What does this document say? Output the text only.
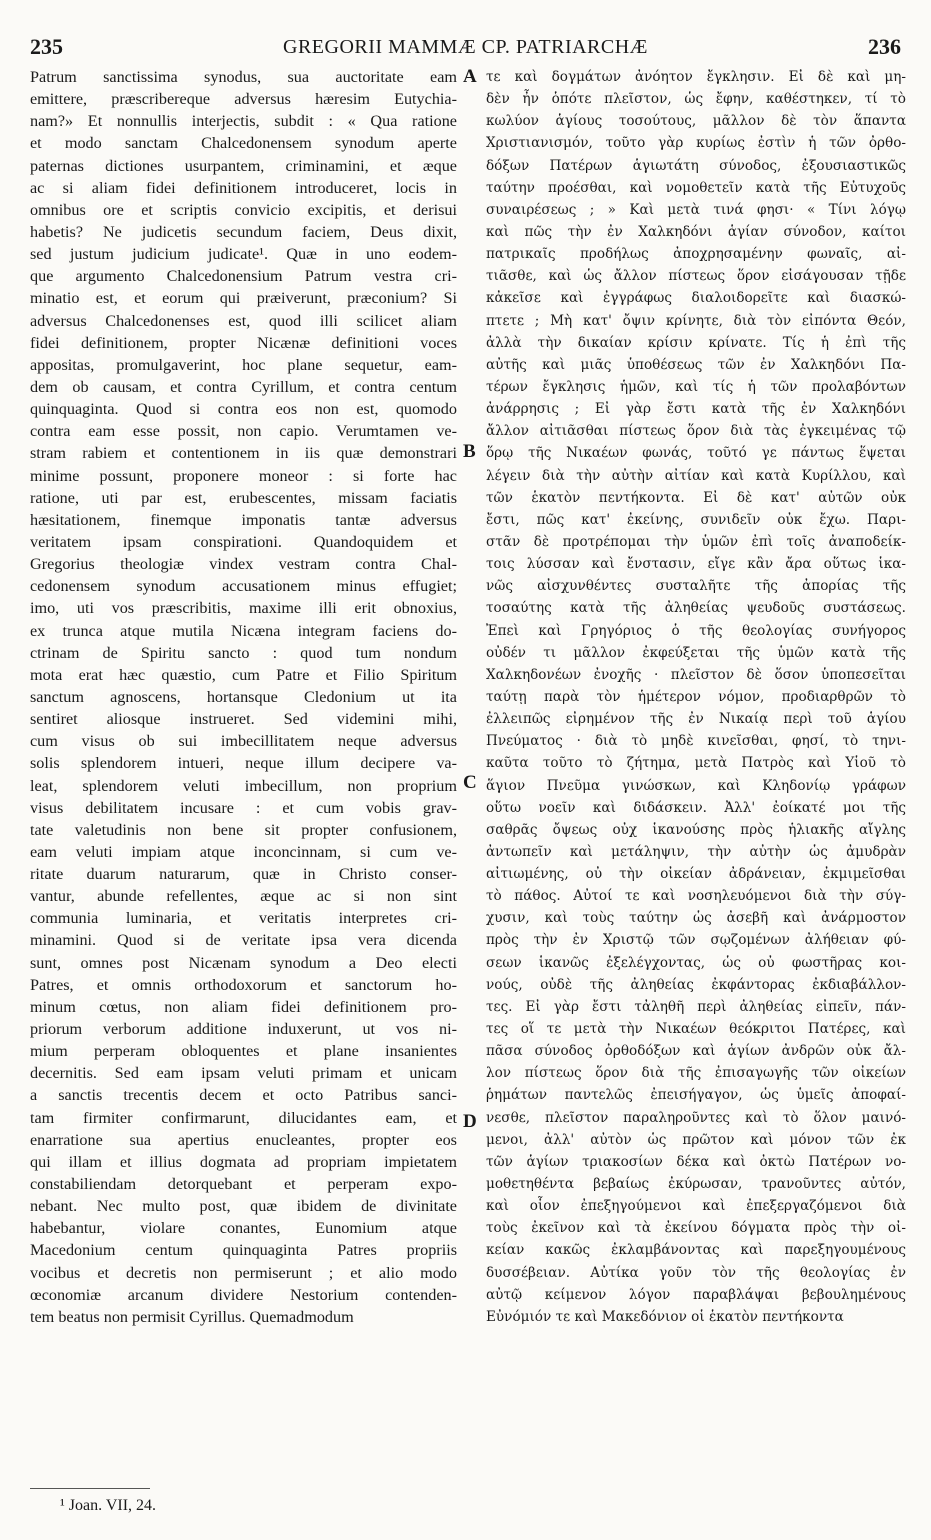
235	GREGORII MAMMÆ CP. PATRIARCHÆ	236
Patrum sanctissima synodus, sua auctoritate eam
emittere, præscribereque adversus hæresim Eutychia-
nam?» Et nonnullis interjectis, subdit : « Qua ratione
et modo sanctam Chalcedonensem synodum aperte
paternas dictiones usurpantem, criminamini, et æque
ac si aliam fidei definitionem introduceret, locis in
omnibus ore et scriptis convicio excipitis, et derisui
habetis? Ne judicetis secundum faciem, Deus dixit,
sed justum judicium judicate¹. Quæ in uno eodem-
que argumento Chalcedonensium Patrum vestra cri-
minatio est, et eorum qui præiverunt, præconium? Si
adversus Chalcedonenses est, quod illi scilicet aliam
fidei definitionem, propter Nicænæ definitioni voces
appositas, promulgaverint, hoc plane sequetur, eam-
dem ob causam, et contra Cyrillum, et contra centum
quinquaginta. Quod si contra eos non est, quomodo
contra eam esse possit, non capio. Verumtamen ve-
stram rabiem et contentionem in iis quæ demonstrari
minime possunt, proponere moneor : si forte hac
ratione, uti par est, erubescentes, missam faciatis
hæsitationem, finemque imponatis tantæ adversus
veritatem ipsam conspirationi. Quandoquidem et
Gregorius theologiæ vindex vestram contra Chal-
cedonensem synodum accusationem minus effugiet;
imo, uti vos præscribitis, maxime illi erit obnoxius,
ex trunca atque mutila Nicæna integram faciens do-
ctrinam de Spiritu sancto : quod tum nondum
mota erat hæc quæstio, cum Patre et Filio Spiritum
sanctum agnoscens, hortansque Cledonium ut ita
sentiret aliosque instrueret. Sed videmini mihi,
cum visus ob sui imbecillitatem neque adversus
solis splendorem intueri, neque illum decipere va-
leat, splendorem veluti imbecillum, non proprium
visus debilitatem incusare : et cum vobis grav-
tate valetudinis non bene sit propter confusionem,
eam veluti impiam atque inconcinnam, si cum ve-
ritate duarum naturarum, quæ in Christo conser-
vantur, abunde refellentes, æque ac si non sint
communia luminaria, et veritatis interpretes cri-
minamini. Quod si de veritate ipsa vera dicenda
sunt, omnes post Nicænam synodum a Deo electi
Patres, et omnis orthodoxorum et sanctorum ho-
minum cœtus, non aliam fidei definitionem pro-
priorum verborum additione induxerunt, ut vos ni-
mium perperam obloquentes et plane insanientes
decernitis. Sed eam ipsam veluti primam et unicam
a sanctis trecentis decem et octo Patribus sanci-
tam firmiter confirmarunt, dilucidantes eam, et
enarratione sua apertius enucleantes, propter eos
qui illam et illius dogmata ad propriam impietatem
constabiliendam detorquebant et perperam expo-
nebant. Nec multo post, quæ ibidem de divinitate
habebantur, violare conantes, Eunomium atque
Macedonium centum quinquaginta Patres propriis
vocibus et decretis non permiserunt ; et alio modo
œconomiæ arcanum dividere Nestorium contenden-
tem beatus non permisit Cyrillus. Quemadmodum
A
B
C
D
τε καὶ δογμάτων ἀνόητον ἔγκλησιν. Εἰ δὲ καὶ μη-
δὲν ἦν ὁπότε πλεῖστον, ὡς ἔφην, καθέστηκεν, τί τὸ
κωλύον ἁγίους τοσούτους, μᾶλλον δὲ τὸν ἅπαντα
Χριστιανισμόν, τοῦτο γὰρ κυρίως ἐστὶν ἡ τῶν ὀρθο-
δόξων Πατέρων ἁγιωτάτη σύνοδος, ἐξουσιαστικῶς
ταύτην προέσθαι, καὶ νομοθετεῖν κατὰ τῆς Εὐτυχοῦς
συναιρέσεως ; » Καὶ μετὰ τινά φησι· « Τίνι λόγῳ
καὶ πῶς τὴν ἐν Χαλκηδόνι ἁγίαν σύνοδον, καίτοι
πατρικαῖς προδήλως ἀποχρησαμένην φωναῖς, αἰ-
τιᾶσθε, καὶ ὡς ἄλλον πίστεως ὅρον εἰσάγουσαν τῇδε
κἀκεῖσε καὶ ἐγγράφως διαλοιδορεῖτε καὶ διασκώ-
πτετε ; Μὴ κατ' ὄψιν κρίνητε, διὰ τὸν εἰπόντα Θεόν,
ἀλλὰ τὴν δικαίαν κρίσιν κρίνατε. Τίς ἡ ἐπὶ τῆς
αὐτῆς καὶ μιᾶς ὑποθέσεως τῶν ἐν Χαλκηδόνι Πα-
τέρων ἔγκλησις ἡμῶν, καὶ τίς ἡ τῶν προλαβόντων
ἀνάρρησις ; Εἰ γὰρ ἔστι κατὰ τῆς ἐν Χαλκηδόνι
ἄλλον αἰτιᾶσθαι πίστεως ὅρον διὰ τὰς ἐγκειμένας τῷ
ὅρῳ τῆς Νικαέων φωνάς, τοῦτό γε πάντως ἕψεται
λέγειν διὰ τὴν αὐτὴν αἰτίαν καὶ κατὰ Κυρίλλου, καὶ
τῶν ἑκατὸν πεντήκοντα. Εἰ δὲ κατ' αὐτῶν οὐκ
ἔστι, πῶς κατ' ἐκείνης, συνιδεῖν οὐκ ἔχω. Παρι-
στᾶν δὲ προτρέπομαι τὴν ὑμῶν ἐπὶ τοῖς ἀναποδείκ-
τοις λύσσαν καὶ ἔνστασιν, εἴγε κἂν ἄρα οὕτως ἱκα-
νῶς αἰσχυνθέντες συσταλῆτε τῆς ἀπορίας τῆς
τοσαύτης κατὰ τῆς ἀληθείας ψευδοῦς συστάσεως.
Ἐπεὶ καὶ Γρηγόριος ὁ τῆς θεολογίας συνήγορος
οὐδέν τι μᾶλλον ἐκφεύξεται τῆς ὑμῶν κατὰ τῆς
Χαλκηδονέων ἐνοχῆς · πλεῖστον δὲ ὅσον ὑποπεσεῖται
ταύτῃ παρὰ τὸν ἡμέτερον νόμον, προδιαρθρῶν τὸ
ἐλλειπῶς εἰρημένον τῆς ἐν Νικαίᾳ περὶ τοῦ ἁγίου
Πνεύματος · διὰ τὸ μηδὲ κινεῖσθαι, φησί, τὸ τηνι-
καῦτα τοῦτο τὸ ζήτημα, μετὰ Πατρὸς καὶ Υἱοῦ τὸ
ἅγιον Πνεῦμα γινώσκων, καὶ Κληδονίῳ γράφων
οὕτω νοεῖν καὶ διδάσκειν. Ἀλλ' ἐοίκατέ μοι τῆς
σαθρᾶς ὄψεως οὐχ ἱκανούσης πρὸς ἡλιακῆς αἴγλης
ἀντωπεῖν καὶ μετάληψιν, τὴν αὐτὴν ὡς ἀμυδρὰν
αἰτιωμένης, οὐ τὴν οἰκείαν ἀδράνειαν, ἐκμιμεῖσθαι
τὸ πάθος. Αὐτοί τε καὶ νοσηλευόμενοι διὰ τὴν σύγ-
χυσιν, καὶ τοὺς ταύτην ὡς ἀσεβῆ καὶ ἀνάρμοστον
πρὸς τὴν ἐν Χριστῷ τῶν σῳζομένων ἀλήθειαν φύ-
σεων ἱκανῶς ἐξελέγχοντας, ὡς οὐ φωστῆρας κοι-
νούς, οὐδὲ τῆς ἀληθείας ἐκφάντορας ἐκδιαβάλλον-
τες. Εἰ γὰρ ἔστι τἀληθῆ περὶ ἀληθείας εἰπεῖν, πάν-
τες οἵ τε μετὰ τὴν Νικαέων θεόκριτοι Πατέρες, καὶ
πᾶσα σύνοδος ὀρθοδόξων καὶ ἁγίων ἀνδρῶν οὐκ ἄλ-
λον πίστεως ὅρον διὰ τῆς ἐπισαγωγῆς τῶν οἰκείων
ῥημάτων παντελῶς ἐπεισήγαγον, ὡς ὑμεῖς ἀποφαί-
νεσθε, πλεῖστον παραληροῦντες καὶ τὸ ὅλον μαινό-
μενοι, ἀλλ' αὐτὸν ὡς πρῶτον καὶ μόνον τῶν ἐκ
τῶν ἁγίων τριακοσίων δέκα καὶ ὀκτὼ Πατέρων νο-
μοθετηθέντα βεβαίως ἐκύρωσαν, τρανοῦντες αὐτόν,
καὶ οἷον ἐπεξηγούμενοι καὶ ἐπεξεργαζόμενοι διὰ
τοὺς ἐκεῖνον καὶ τὰ ἐκείνου δόγματα πρὸς τὴν οἰ-
κείαν κακῶς ἐκλαμβάνοντας καὶ παρεξηγουμένους
δυσσέβειαν. Αὐτίκα γοῦν τὸν τῆς θεολογίας ἐν
αὐτῷ κείμενον λόγον παραβλάψαι βεβουλημένους
Εὐνόμιόν τε καὶ Μακεδόνιον οἱ ἑκατὸν πεντήκοντα
¹ Joan. VII, 24.
